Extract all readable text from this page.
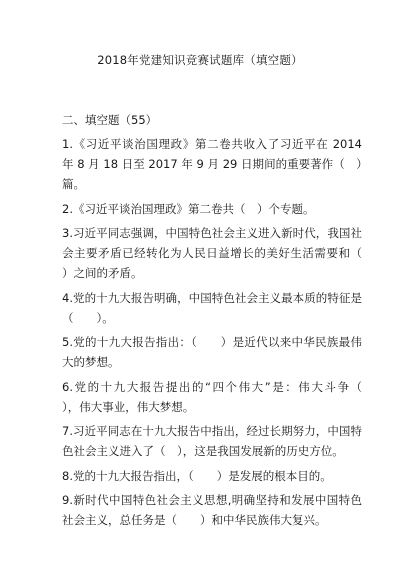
2018年党建知识竞赛试题库（填空题）
二、填空题（55）

1.《习近平谈治国理政》第二卷共收入了习近平在 2014 年 8 月 18 日至 2017 年 9 月 29 日期间的重要著作（　）篇。

2.《习近平谈治国理政》第二卷共（　）个专题。

3.习近平同志强调，中国特色社会主义进入新时代，我国社会主要矛盾已经转化为人民日益增长的美好生活需要和（　　）之间的矛盾。

4.党的十九大报告明确，中国特色社会主义最本质的特征是（　　）。

5.党的十九大报告指出：（　　）是近代以来中华民族最伟大的梦想。

6.党的十九大报告提出的“四个伟大”是：伟大斗争（　　），伟大事业，伟大梦想。

7.习近平同志在十九大报告中指出，经过长期努力，中国特色社会主义进入了（　），这是我国发展新的历史方位。

8.党的十九大报告指出，（　　）是发展的根本目的。

9.新时代中国特色社会主义思想,明确坚持和发展中国特色社会主义，总任务是（　　）和中华民族伟大复兴。
